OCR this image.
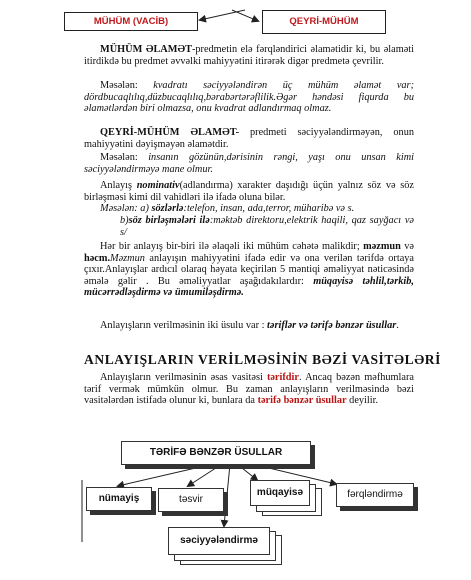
MÜHÜM (VACİB)	QEYRİ-MÜHÜM
MÜHÜM ƏLAMƏT-predmetin elə fərqləndirici əlamətidir ki, bu əlaməti itirdikdə bu predmet əvvəlki mahiyyətini itirərək digər predmetə çevrilir.
Məsələn: kvadratı səciyyələndirən üç mühüm əlamət var; dördbucaqlılıq,düzbucaqlılıq,bərabərtərəflilik.Əgər həndəsi fiqurda bu əlamətlərdən biri olmazsa, onu kvadrat adlandırmaq olmaz.
QEYRİ-MÜHÜM ƏLAMƏT- predmeti səciyyələndirməyən, onun mahiyyətini dəyişməyən əlamətdir.
Məsələn: insanın gözünün,dərisinin rəngi, yaşı onu unsan kimi səciyyələndirməyə mane olmur.
Anlayış nominativ(adlandırma) xarakter daşıdığı üçün yalnız söz və söz birləşməsi kimi dil vahidləri ilə ifadə oluna bilər.
Məsələn: a) sözlərlə:telefon, insan, ada,terror, müharibə və s.
b)söz birləşmələri ilə:məktəb direktoru,elektrik haqili, qaz sayğacı və s/
Hər bir anlayış bir-biri ilə əlaqəli iki mühüm cəhətə malikdir; məzmun və həcm.Məzmun anlayışın mahiyyətini ifadə edir və ona verilən tərifdə ortaya çıxır.Anlayışlar ardıcıl olaraq həyata keçirilən 5 məntiqi əməliyyat nəticəsində əmələ gəlir . Bu əməliyyatlar aşağıdakılardır: müqayisə təhlil,tərkib, mücərrədləşdirmə və ümumiləşdirmə.
Anlayışların verilməsinin iki üsulu var : təriflər və tərifə bənzər üsullar.
ANLAYIŞLARIN VERİLMƏSİNİN BƏZİ VASİTƏLƏRİ
Anlayışların verilməsinin əsas vasitəsi tərifdir. Ancaq bəzən məfhumlara tərif vermək mümkün olmur. Bu zaman anlayışların verilməsində bəzi vasitələrdən istifadə olunur ki, bunlara da tərifə bənzər üsullar deyilir.
TƏRİFƏ BƏNZƏR ÜSULLAR
nümayiş	təsvir
müqayisə	fərqləndirmə
səciyyələndirmə
